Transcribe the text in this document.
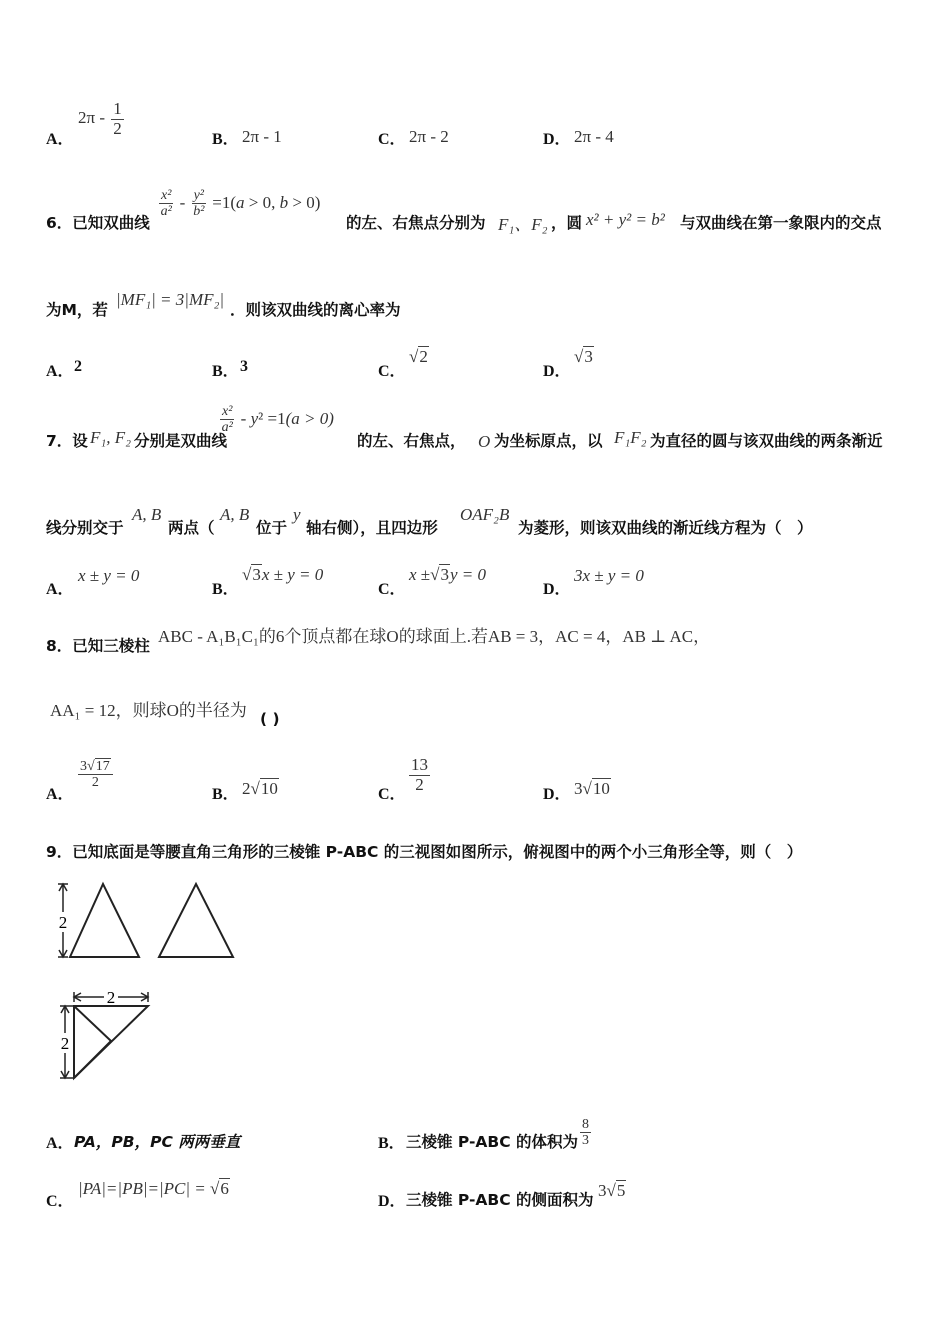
A．
$2\pi - \frac{1}{2}$
B． 2π - 1	C． 2π - 2	D． 2π - 4
6．已知双曲线
$\frac{\text{x²}}{\text{a²}} - \frac{\text{y²}}{\text{b²}} =1(a > 0$, b > 0)
的左、右焦点分别为 F₁、F₂ ，圆 x² + y² = b² 与双曲线在第一象限内的交点
为M，若
|MF₁| = 3|MF₂|
．则该双曲线的离心率为
A． 2	B． 3	C．
√2
D．
√3
7．设 F₁, F₂ 分别是双曲线
$\frac{\text{x²}}{\text{a²}} - y^2 =1(a > 0)$
的左、右焦点， O 为坐标原点，以 F₁F₂ 为直径的圆与该双曲线的两条渐近
线分别交于
A, B
两点（
A, B
位于
y
轴右侧），且四边形
OAF₂B
为菱形，则该双曲线的渐近线方程为（　）
A．
x ± y = 0
B．
√3x ± y = 0
C．
x ±√3y = 0
D．
3x ± y = 0
8．已知三棱柱 ABC - A₁B₁C₁的6个顶点都在球O的球面上.若AB = 3，AC = 4，AB ⊥ AC，
AA₁ = 12，则球O的半径为 ( )
A．
$\frac{3√17}{2}$
B． 2√10	C．
$\frac{13}{2}$
D． 3√10
9．已知底面是等腰直角三角形的三棱锥 P-ABC 的三视图如图所示，俯视图中的两个小三角形全等，则（　）
2
2
2
A． PA，PB，PC 两两垂直	B． 三棱锥 P-ABC 的体积为 $\frac{8}{3}$
C．
|PA|=|PB|=|PC| = √6
D． 三棱锥 P-ABC 的侧面积为 3√5
